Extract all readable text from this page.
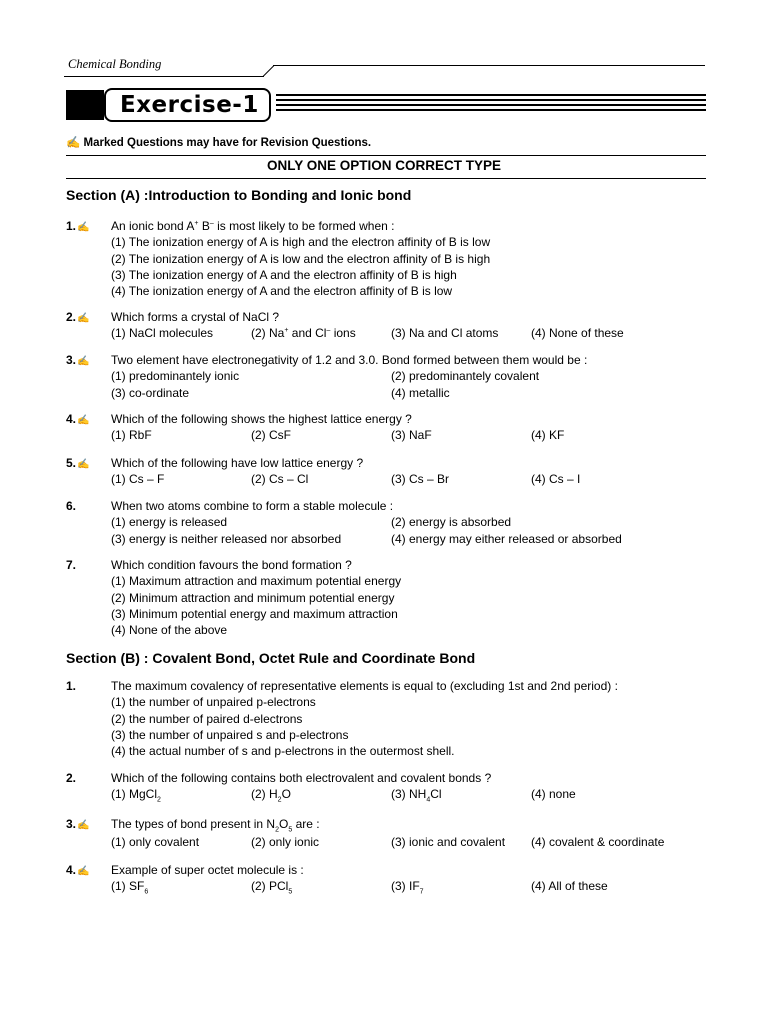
Chemical Bonding
Exercise-1
✍ Marked Questions may have for Revision Questions.
ONLY ONE OPTION CORRECT TYPE
Section (A) :Introduction to Bonding and Ionic bond
1.✍ An ionic bond A+ B– is most likely to be formed when :
(1) The ionization energy of A is high and the electron affinity of B is low
(2) The ionization energy of A is low and the electron affinity of B is high
(3) The ionization energy of A and the electron affinity of B is high
(4) The ionization energy of A and the electron affinity of B is low
2.✍ Which forms a crystal of NaCl ?
(1) NaCl molecules	(2) Na+ and Cl– ions	(3) Na and Cl atoms	(4) None of these
3.✍ Two element have electronegativity of 1.2 and 3.0. Bond formed between them would be :
(1) predominantely ionic	(2) predominantely covalent
(3) co-ordinate	(4) metallic
4.✍ Which of the following shows the highest lattice energy ?
(1) RbF	(2) CsF	(3) NaF	(4) KF
5.✍ Which of the following have low lattice energy ?
(1) Cs – F	(2) Cs – Cl	(3) Cs – Br	(4) Cs – I
6.	When two atoms combine to form a stable molecule :
(1) energy is released	(2) energy is absorbed
(3) energy is neither released nor absorbed	(4) energy may either released or absorbed
7.	Which condition favours the bond formation ?
(1) Maximum attraction and maximum potential energy
(2) Minimum attraction and minimum potential energy
(3) Minimum potential energy and maximum attraction
(4) None of the above
Section (B) : Covalent Bond, Octet Rule and Coordinate Bond
1.	The maximum covalency of representative elements is equal to (excluding 1st and 2nd period) :
(1) the number of unpaired p-electrons
(2) the number of paired d-electrons
(3) the number of unpaired s and p-electrons
(4) the actual number of s and p-electrons in the outermost shell.
2.	Which of the following contains both electrovalent and covalent bonds ?
(1) MgCl$_2$	(2) $H_2O$	(3) $NH_4Cl$	(4) none
3.✍ The types of bond present in $N_2O_5$ are :
(1) only covalent	(2) only ionic	(3) ionic and covalent	(4) covalent & coordinate
4.✍ Example of super octet molecule is :
(1) $SF_6$	(2) PCl$_5$	(3) $IF_7$	(4) All of these
